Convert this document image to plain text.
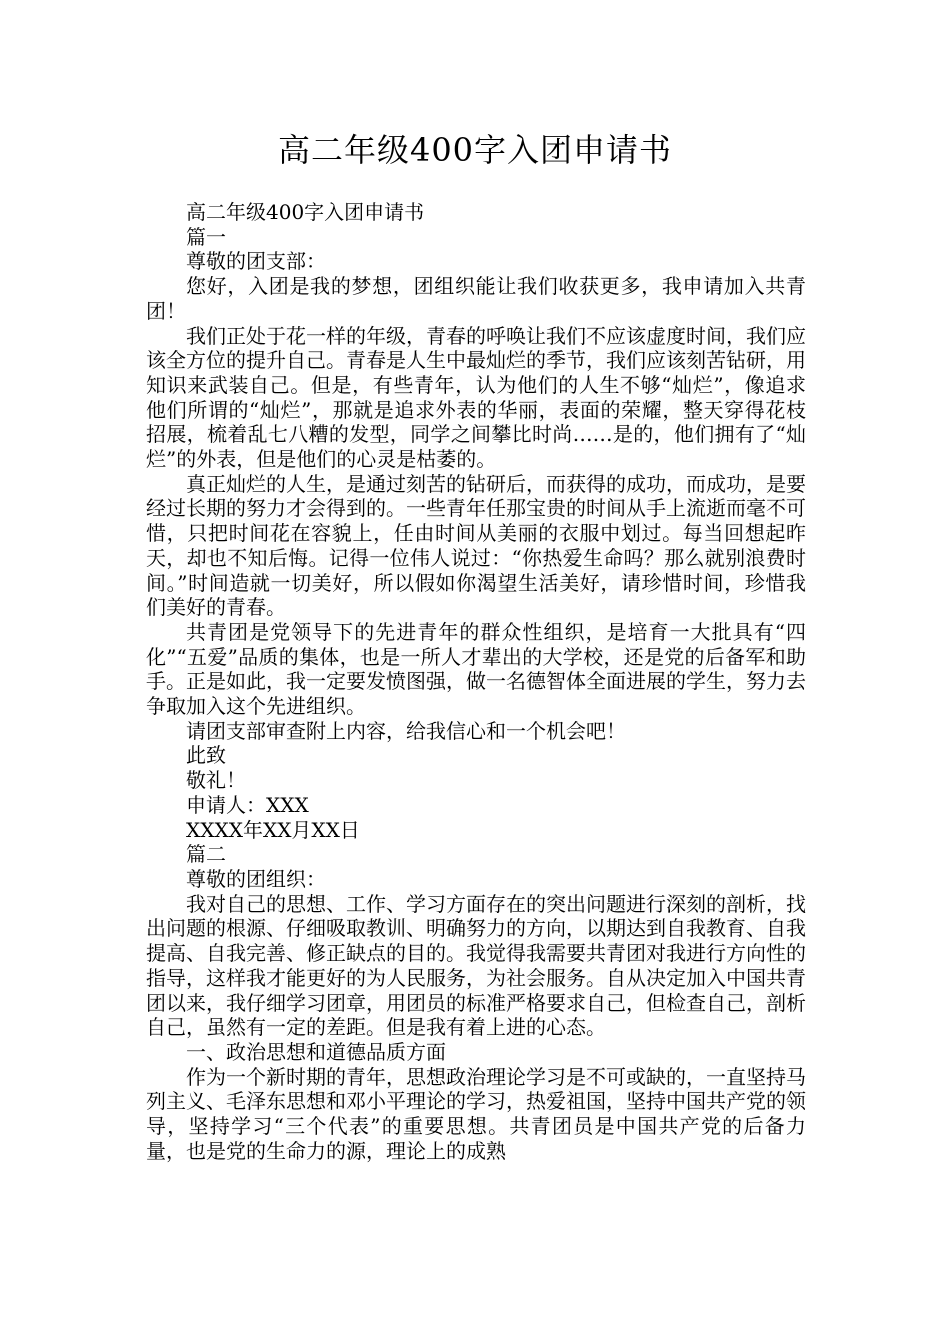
高二年级400字入团申请书

高二年级400字入团申请书

篇一

尊敬的团支部：

您好，入团是我的梦想，团组织能让我们收获更多，我申请加入共青团！

我们正处于花一样的年级，青春的呼唤让我们不应该虚度时间，我们应该全方位的提升自己。青春是人生中最灿烂的季节，我们应该刻苦钻研，用知识来武装自己。但是，有些青年，认为他们的人生不够“灿烂”，像追求他们所谓的“灿烂”，那就是追求外表的华丽，表面的荣耀，整天穿得花枝招展，梳着乱七八糟的发型，同学之间攀比时尚……是的，他们拥有了“灿烂”的外表，但是他们的心灵是枯萎的。

真正灿烂的人生，是通过刻苦的钻研后，而获得的成功，而成功，是要经过长期的努力才会得到的。一些青年任那宝贵的时间从手上流逝而毫不可惜，只把时间花在容貌上，任由时间从美丽的衣服中划过。每当回想起昨天，却也不知后悔。记得一位伟人说过：“你热爱生命吗？那么就别浪费时间。”时间造就一切美好，所以假如你渴望生活美好，请珍惜时间，珍惜我们美好的青春。

共青团是党领导下的先进青年的群众性组织，是培育一大批具有“四化”“五爱”品质的集体，也是一所人才辈出的大学校，还是党的后备军和助手。正是如此，我一定要发愤图强，做一名德智体全面进展的学生，努力去争取加入这个先进组织。

请团支部审查附上内容，给我信心和一个机会吧！

此致

敬礼！

申请人：XXX

XXXX年XX月XX日

篇二

尊敬的团组织：

我对自己的思想、工作、学习方面存在的突出问题进行深刻的剖析，找出问题的根源、仔细吸取教训、明确努力的方向，以期达到自我教育、自我提高、自我完善、修正缺点的目的。我觉得我需要共青团对我进行方向性的指导，这样我才能更好的为人民服务，为社会服务。自从决定加入中国共青团以来，我仔细学习团章，用团员的标准严格要求自己，但检查自己，剖析自己，虽然有一定的差距。但是我有着上进的心态。

一、政治思想和道德品质方面

作为一个新时期的青年，思想政治理论学习是不可或缺的，一直坚持马列主义、毛泽东思想和邓小平理论的学习，热爱祖国，坚持中国共产党的领导，坚持学习“三个代表”的重要思想。共青团员是中国共产党的后备力量，也是党的生命力的源，理论上的成熟
